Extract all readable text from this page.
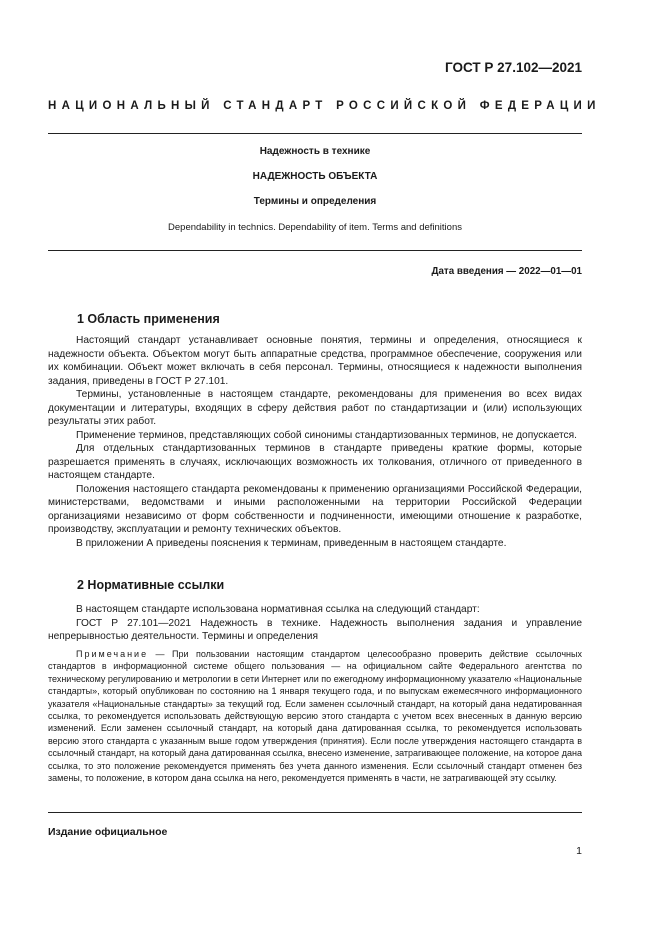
ГОСТ Р 27.102—2021
НАЦИОНАЛЬНЫЙ СТАНДАРТ РОССИЙСКОЙ ФЕДЕРАЦИИ
Надежность в технике
НАДЕЖНОСТЬ ОБЪЕКТА
Термины и определения
Dependability in technics. Dependability of item. Terms and definitions
Дата введения — 2022—01—01
1 Область применения

Настоящий стандарт устанавливает основные понятия, термины и определения, относящиеся к надежности объекта. Объектом могут быть аппаратные средства, программное обеспечение, сооружения или их комбинации. Объект может включать в себя персонал. Термины, относящиеся к надежности выполнения задания, приведены в ГОСТ Р 27.101.

Термины, установленные в настоящем стандарте, рекомендованы для применения во всех видах документации и литературы, входящих в сферу действия работ по стандартизации и (или) использующих результаты этих работ.

Применение терминов, представляющих собой синонимы стандартизованных терминов, не допускается.

Для отдельных стандартизованных терминов в стандарте приведены краткие формы, которые разрешается применять в случаях, исключающих возможность их толкования, отличного от приведенного в настоящем стандарте.

Положения настоящего стандарта рекомендованы к применению организациями Российской Федерации, министерствами, ведомствами и иными расположенными на территории Российской Федерации организациями независимо от форм собственности и подчиненности, имеющими отношение к разработке, производству, эксплуатации и ремонту технических объектов.

В приложении А приведены пояснения к терминам, приведенным в настоящем стандарте.

2 Нормативные ссылки

В настоящем стандарте использована нормативная ссылка на следующий стандарт:

ГОСТ Р 27.101—2021 Надежность в технике. Надежность выполнения задания и управление непрерывностью деятельности. Термины и определения

Примечание — При пользовании настоящим стандартом целесообразно проверить действие ссылочных стандартов в информационной системе общего пользования — на официальном сайте Федерального агентства по техническому регулированию и метрологии в сети Интернет или по ежегодному информационному указателю «Национальные стандарты», который опубликован по состоянию на 1 января текущего года, и по выпускам ежемесячного информационного указателя «Национальные стандарты» за текущий год. Если заменен ссылочный стандарт, на который дана недатированная ссылка, то рекомендуется использовать действующую версию этого стандарта с учетом всех внесенных в данную версию изменений. Если заменен ссылочный стандарт, на который дана датированная ссылка, то рекомендуется использовать версию этого стандарта с указанным выше годом утверждения (принятия). Если после утверждения настоящего стандарта в ссылочный стандарт, на который дана датированная ссылка, внесено изменение, затрагивающее положение, на которое дана ссылка, то это положение рекомендуется применять без учета данного изменения. Если ссылочный стандарт отменен без замены, то положение, в котором дана ссылка на него, рекомендуется применять в части, не затрагивающей эту ссылку.

Издание официальное
1
